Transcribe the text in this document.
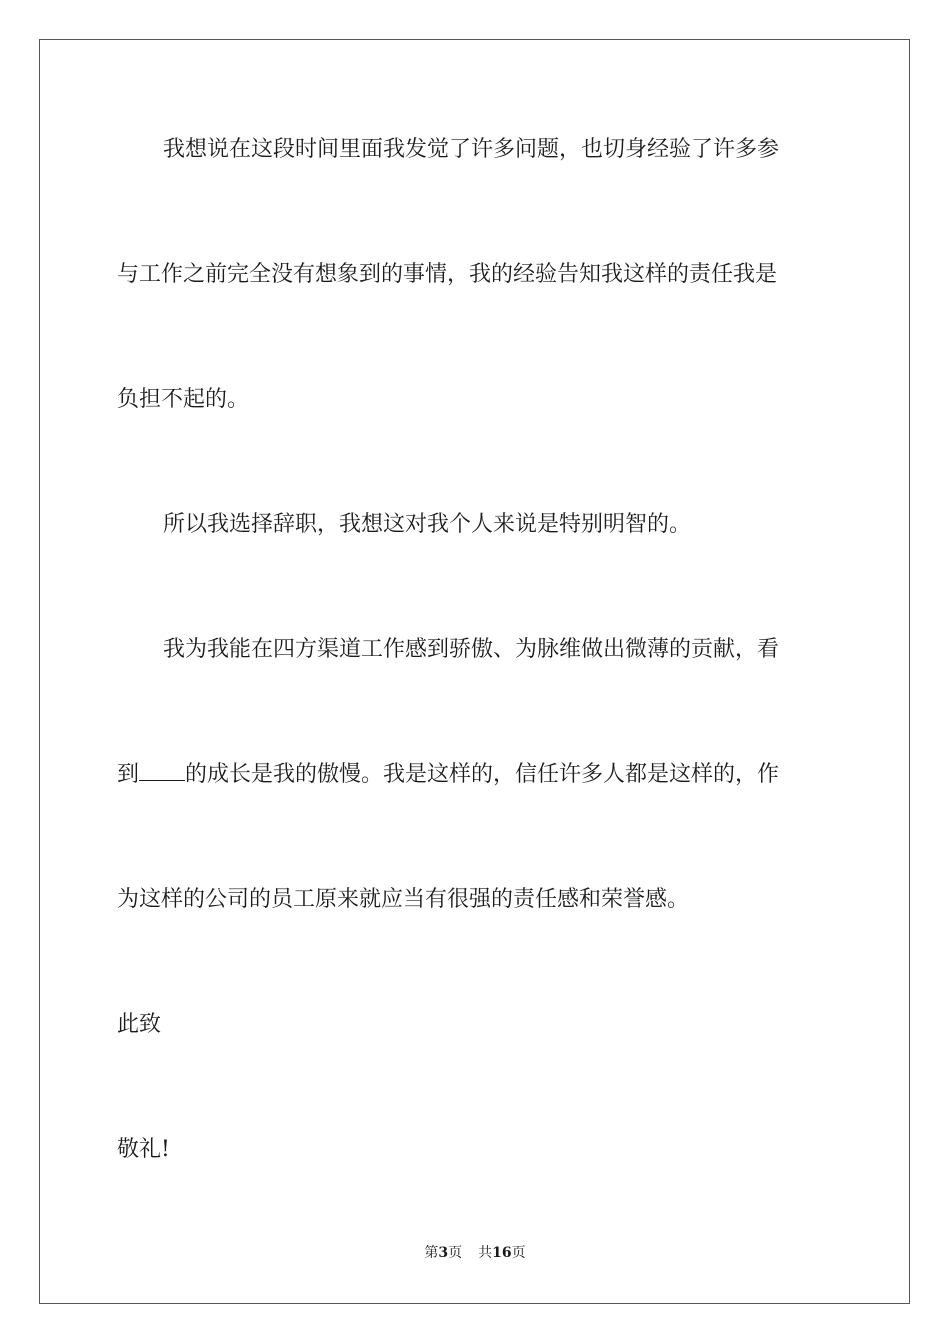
我想说在这段时间里面我发觉了许多问题，也切身经验了许多参
与工作之前完全没有想象到的事情，我的经验告知我这样的责任我是
负担不起的。
所以我选择辞职，我想这对我个人来说是特别明智的。
我为我能在四方渠道工作感到骄傲、为脉维做出微薄的贡献，看
到 的成长是我的傲慢。我是这样的，信任许多人都是这样的，作
为这样的公司的员工原来就应当有很强的责任感和荣誉感。
此致
敬礼!
第3页 共16页
